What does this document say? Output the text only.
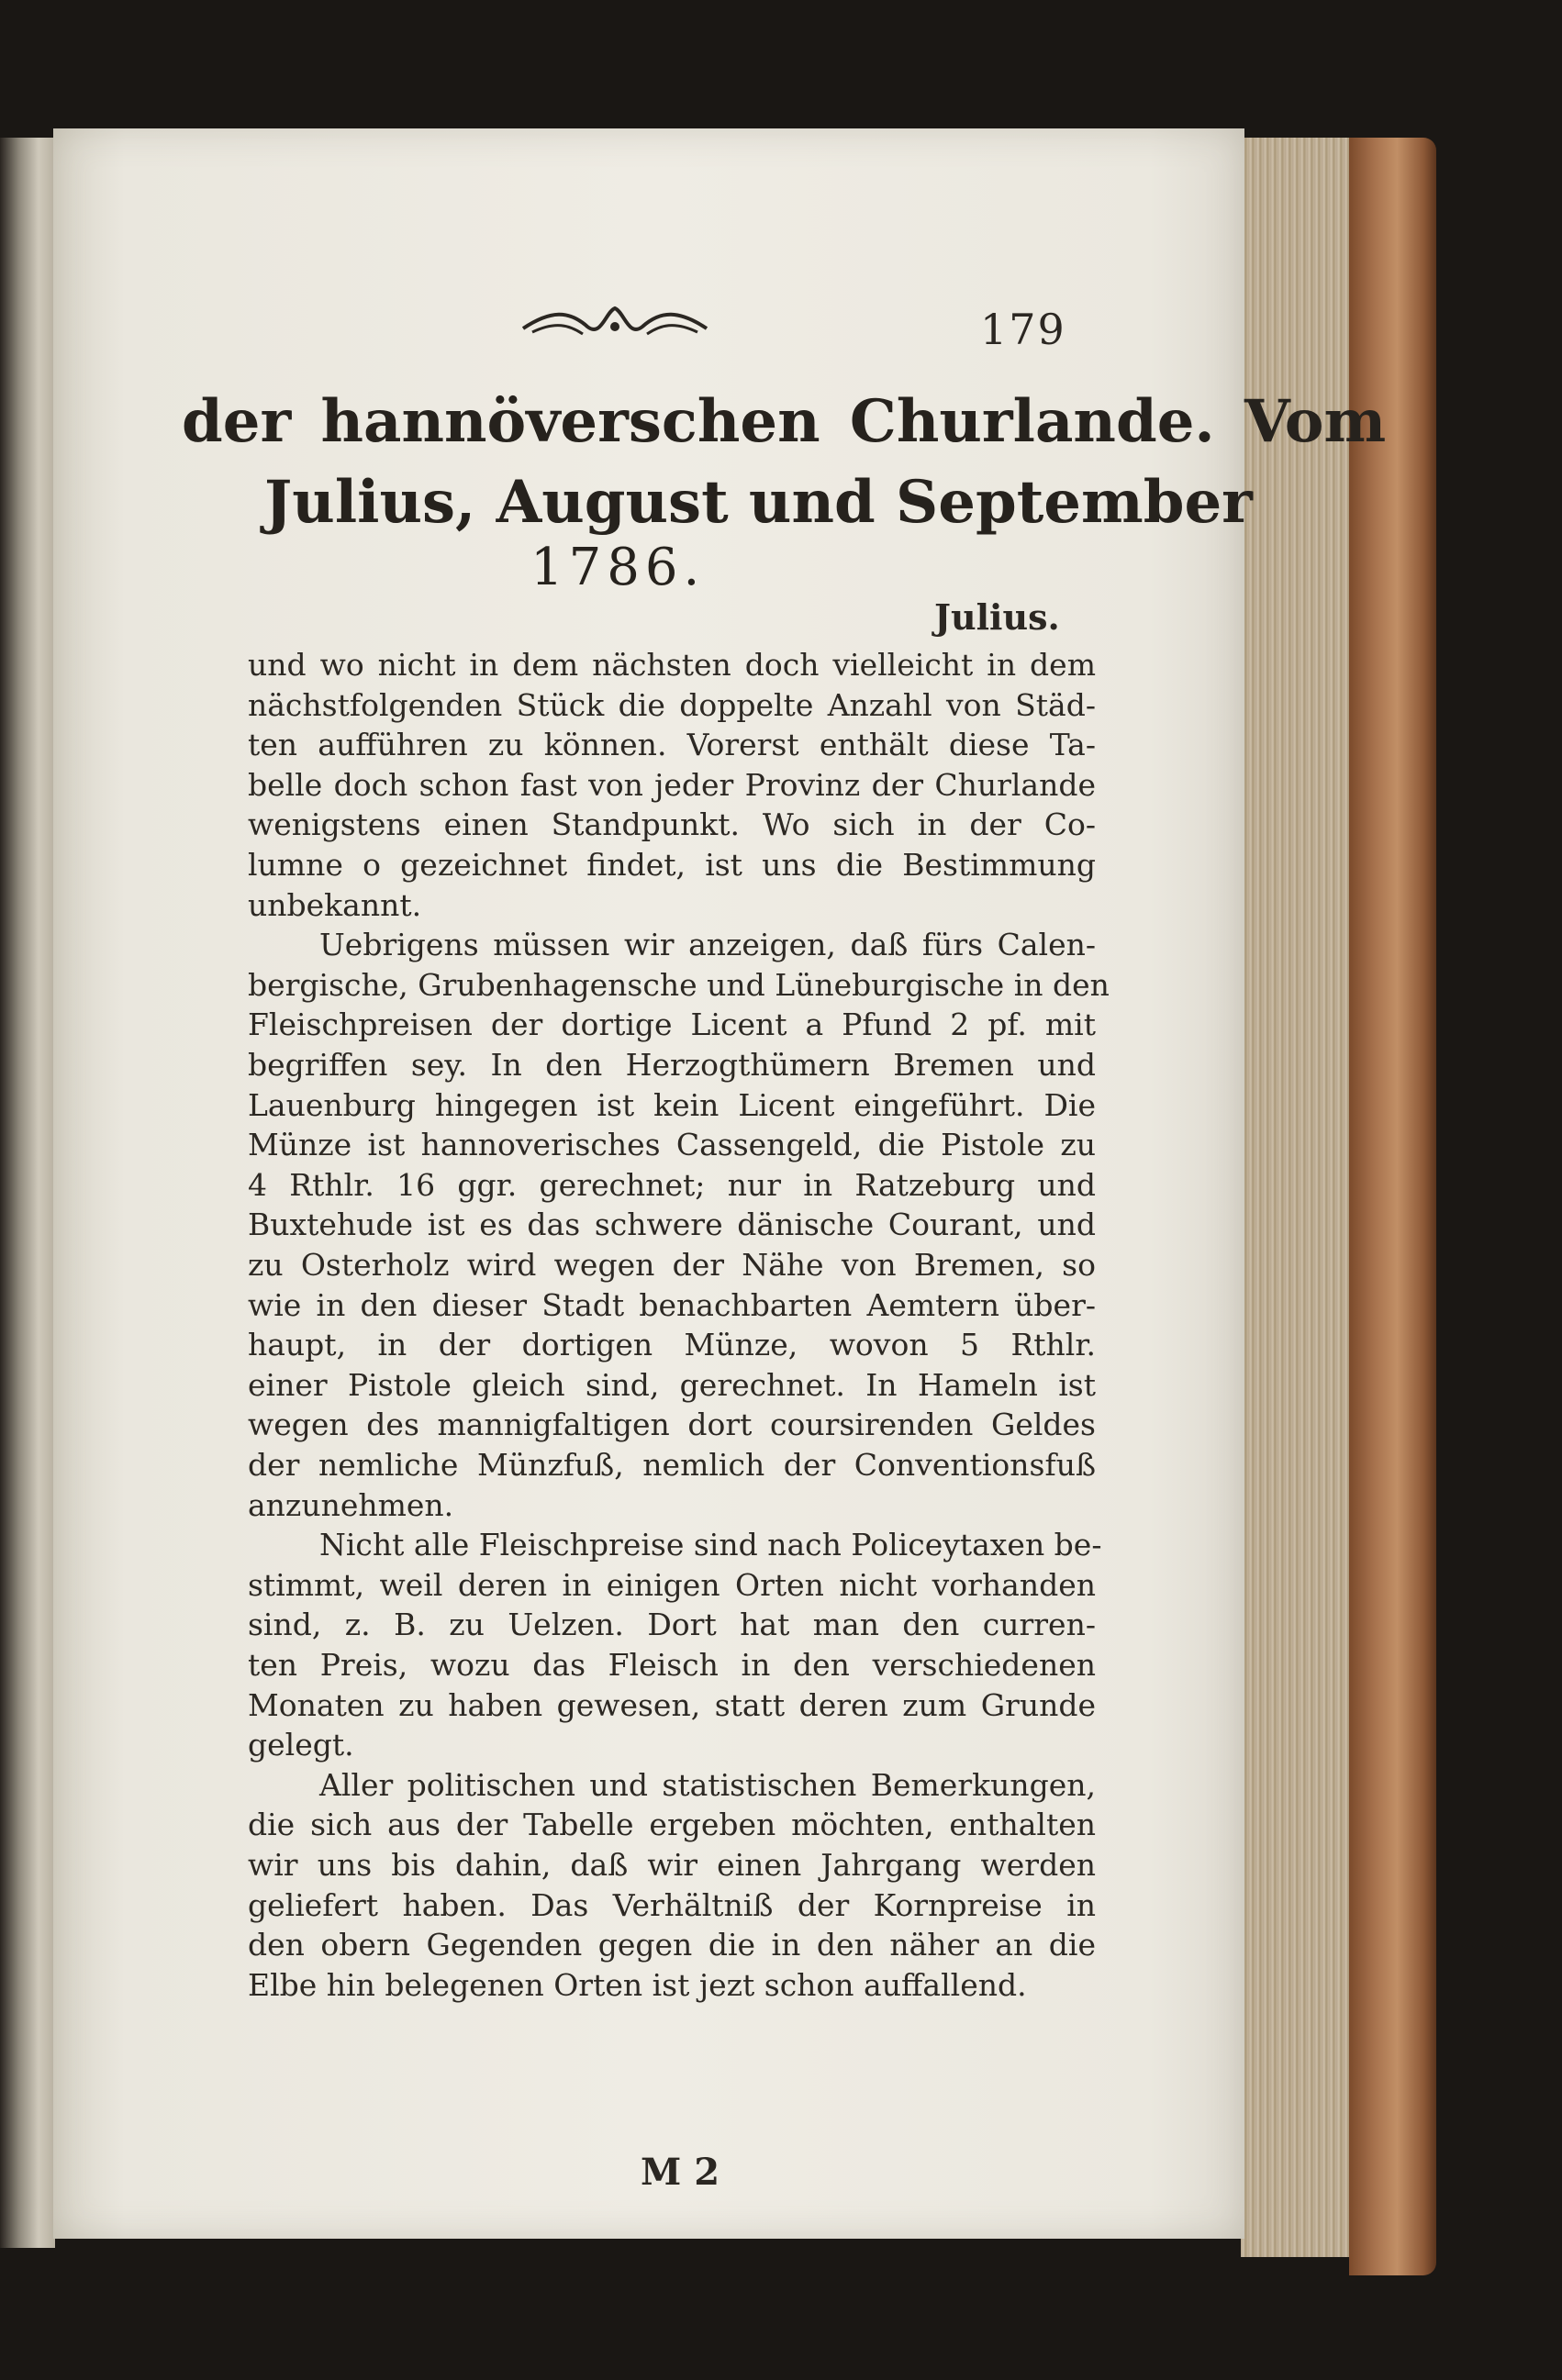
179
der hannöverschen Churlande. Vom
Julius, August und September
1786.
Julius.
und wo nicht in dem nächsten doch vielleicht in dem
nächstfolgenden Stück die doppelte Anzahl von Städ-
ten aufführen zu können. Vorerst enthält diese Ta-
belle doch schon fast von jeder Provinz der Churlande
wenigstens einen Standpunkt. Wo sich in der Co-
lumne o gezeichnet findet, ist uns die Bestimmung
unbekannt.
Uebrigens müssen wir anzeigen, daß fürs Calen-
bergische, Grubenhagensche und Lüneburgische in den
Fleischpreisen der dortige Licent a Pfund 2 pf. mit
begriffen sey. In den Herzogthümern Bremen und
Lauenburg hingegen ist kein Licent eingeführt. Die
Münze ist hannoverisches Cassengeld, die Pistole zu
4 Rthlr. 16 ggr. gerechnet; nur in Ratzeburg und
Buxtehude ist es das schwere dänische Courant, und
zu Osterholz wird wegen der Nähe von Bremen, so
wie in den dieser Stadt benachbarten Aemtern über-
haupt, in der dortigen Münze, wovon 5 Rthlr.
einer Pistole gleich sind, gerechnet. In Hameln ist
wegen des mannigfaltigen dort coursirenden Geldes
der nemliche Münzfuß, nemlich der Conventionsfuß
anzunehmen.
Nicht alle Fleischpreise sind nach Policeytaxen be-
stimmt, weil deren in einigen Orten nicht vorhanden
sind, z. B. zu Uelzen. Dort hat man den curren-
ten Preis, wozu das Fleisch in den verschiedenen
Monaten zu haben gewesen, statt deren zum Grunde
gelegt.
Aller politischen und statistischen Bemerkungen,
die sich aus der Tabelle ergeben möchten, enthalten
wir uns bis dahin, daß wir einen Jahrgang werden
geliefert haben. Das Verhältniß der Kornpreise in
den obern Gegenden gegen die in den näher an die
Elbe hin belegenen Orten ist jezt schon auffallend.
M 2
